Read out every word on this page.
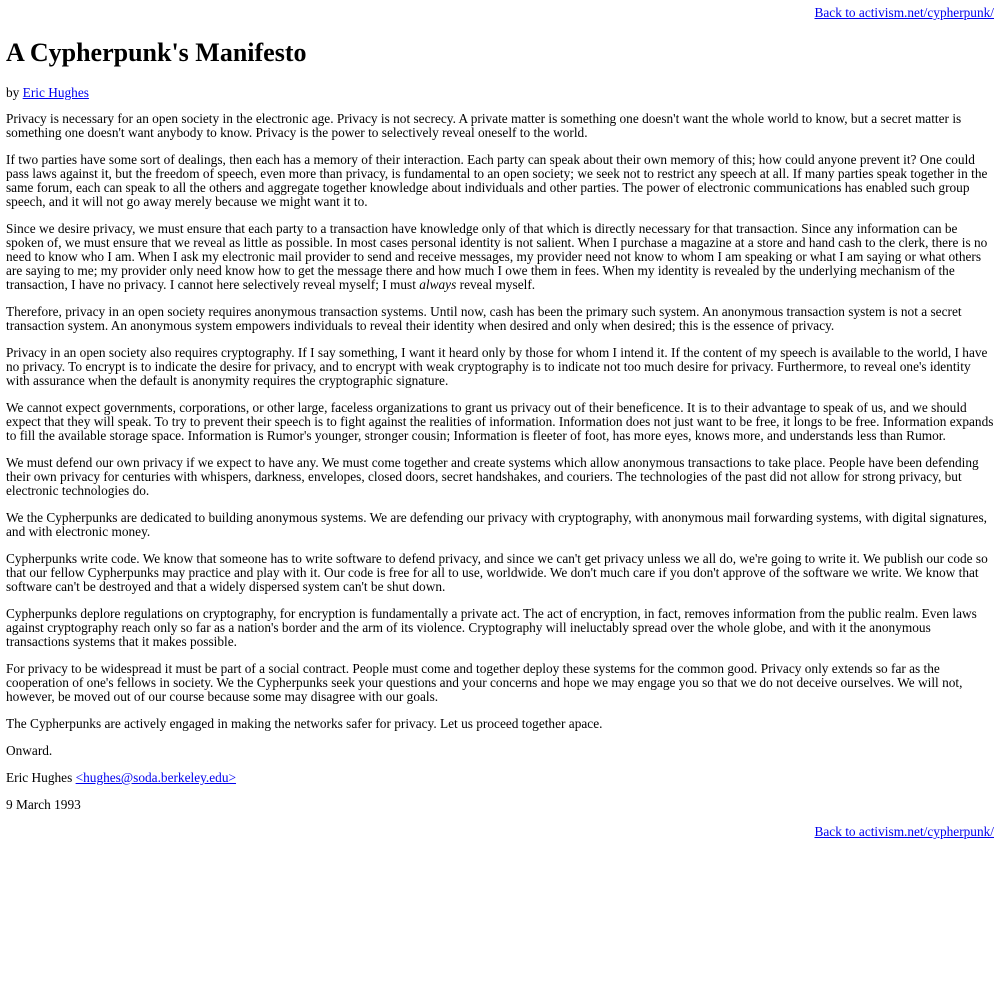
Back to activism.net/cypherpunk/

A Cypherpunk's Manifesto

by Eric Hughes

Privacy is necessary for an open society in the electronic age. Privacy is not secrecy. A private matter is something one doesn't want the whole world to know, but a secret matter is something one doesn't want anybody to know. Privacy is the power to selectively reveal oneself to the world.

If two parties have some sort of dealings, then each has a memory of their interaction. Each party can speak about their own memory of this; how could anyone prevent it? One could pass laws against it, but the freedom of speech, even more than privacy, is fundamental to an open society; we seek not to restrict any speech at all. If many parties speak together in the same forum, each can speak to all the others and aggregate together knowledge about individuals and other parties. The power of electronic communications has enabled such group speech, and it will not go away merely because we might want it to.

Since we desire privacy, we must ensure that each party to a transaction have knowledge only of that which is directly necessary for that transaction. Since any information can be spoken of, we must ensure that we reveal as little as possible. In most cases personal identity is not salient. When I purchase a magazine at a store and hand cash to the clerk, there is no need to know who I am. When I ask my electronic mail provider to send and receive messages, my provider need not know to whom I am speaking or what I am saying or what others are saying to me; my provider only need know how to get the message there and how much I owe them in fees. When my identity is revealed by the underlying mechanism of the transaction, I have no privacy. I cannot here selectively reveal myself; I must always reveal myself.

Therefore, privacy in an open society requires anonymous transaction systems. Until now, cash has been the primary such system. An anonymous transaction system is not a secret transaction system. An anonymous system empowers individuals to reveal their identity when desired and only when desired; this is the essence of privacy.

Privacy in an open society also requires cryptography. If I say something, I want it heard only by those for whom I intend it. If the content of my speech is available to the world, I have no privacy. To encrypt is to indicate the desire for privacy, and to encrypt with weak cryptography is to indicate not too much desire for privacy. Furthermore, to reveal one's identity with assurance when the default is anonymity requires the cryptographic signature.

We cannot expect governments, corporations, or other large, faceless organizations to grant us privacy out of their beneficence. It is to their advantage to speak of us, and we should expect that they will speak. To try to prevent their speech is to fight against the realities of information. Information does not just want to be free, it longs to be free. Information expands to fill the available storage space. Information is Rumor's younger, stronger cousin; Information is fleeter of foot, has more eyes, knows more, and understands less than Rumor.

We must defend our own privacy if we expect to have any. We must come together and create systems which allow anonymous transactions to take place. People have been defending their own privacy for centuries with whispers, darkness, envelopes, closed doors, secret handshakes, and couriers. The technologies of the past did not allow for strong privacy, but electronic technologies do.

We the Cypherpunks are dedicated to building anonymous systems. We are defending our privacy with cryptography, with anonymous mail forwarding systems, with digital signatures, and with electronic money.

Cypherpunks write code. We know that someone has to write software to defend privacy, and since we can't get privacy unless we all do, we're going to write it. We publish our code so that our fellow Cypherpunks may practice and play with it. Our code is free for all to use, worldwide. We don't much care if you don't approve of the software we write. We know that software can't be destroyed and that a widely dispersed system can't be shut down.

Cypherpunks deplore regulations on cryptography, for encryption is fundamentally a private act. The act of encryption, in fact, removes information from the public realm. Even laws against cryptography reach only so far as a nation's border and the arm of its violence. Cryptography will ineluctably spread over the whole globe, and with it the anonymous transactions systems that it makes possible.

For privacy to be widespread it must be part of a social contract. People must come and together deploy these systems for the common good. Privacy only extends so far as the cooperation of one's fellows in society. We the Cypherpunks seek your questions and your concerns and hope we may engage you so that we do not deceive ourselves. We will not, however, be moved out of our course because some may disagree with our goals.

The Cypherpunks are actively engaged in making the networks safer for privacy. Let us proceed together apace.

Onward.

Eric Hughes <hughes@soda.berkeley.edu>

9 March 1993

Back to activism.net/cypherpunk/
